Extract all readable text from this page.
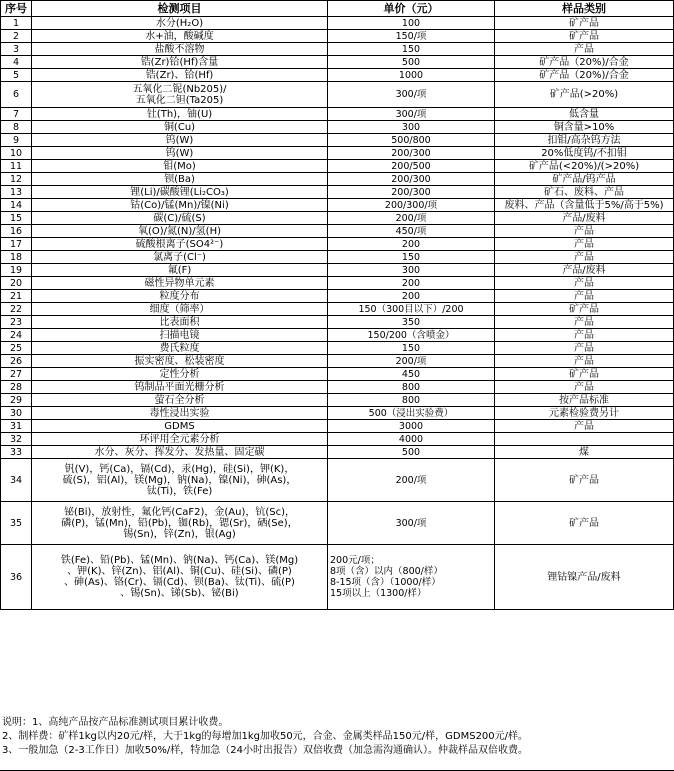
序号	检测项目	单价（元）	样品类别
1	水分(H₂O)	100	矿产品
2	水+油，酸碱度	150/项	矿产品
3	盐酸不溶物	150	产品
4	锆(Zr)铪(Hf)含量	500	矿产品（20%)/合金
5	锆(Zr)、铪(Hf)	1000	矿产品（20%)/合金
6	五氧化二铌(Nb205)/
五氧化二钽(Ta205)	300/项	矿产品(>20%)
7	钍(Th)，铀(U)	300/项	低含量
8	铜(Cu)	300	铜含量>10%
9	钨(W)	500/800	扣钼/高杂钨方法
10	钨(W)	200/300	20%低度钨/不扣钼
11	钼(Mo)	200/500	矿产品(<20%)/(>20%)
12	钡(Ba)	200/300	矿产品/钨产品
13	锂(Li)/碳酸锂(Li₂CO₃)	200/300	矿石、废料、产品
14	钴(Co)/锰(Mn)/镍(Ni)	200/300/项	废料、产品（含量低于5%/高于5%)
15	碳(C)/硫(S)	200/项	产品/废料
16	氧(O)/氮(N)/氢(H)	450/项	产品
17	硫酸根离子(SO4²⁻)	200	产品
18	氯离子(Cl⁻)	150	产品
19	氟(F)	300	产品/废料
20	磁性异物单元素	200	产品
21	粒度分布	200	产品
22	细度（筛率）	150（300目以下）/200	矿产品
23	比表面积	350	产品
24	扫描电镜	150/200（含喷金）	产品
25	费氏粒度	150	产品
26	振实密度、松装密度	200/项	产品
27	定性分析	450	矿产品
28	钨制品平面光栅分析	800	产品
29	萤石全分析	800	按产品标准
30	毒性浸出实验	500（浸出实验费）	元素检验费另计
31	GDMS	3000	产品
32	环评用全元素分析	4000	
33	水分、灰分、挥发分、发热量、固定碳	500	煤
34	钒(V)，钙(Ca)，镉(Cd)，汞(Hg)，硅(Si)，钾(K)，
硫(S)，铝(Al)，镁(Mg)，钠(Na)，镍(Ni)，砷(As)，
钛(Ti)，铁(Fe)	200/项	矿产品
35	铋(Bi)，放射性，氟化钙(CaF2)，金(Au)，钪(Sc)，
磷(P)，锰(Mn)，铅(Pb)，铷(Rb)，锶(Sr)，硒(Se)，
锡(Sn)，锌(Zn)，银(Ag)	300/项	矿产品
36	铁(Fe)、铅(Pb)、锰(Mn)、钠(Na)、钙(Ca)、镁(Mg)
、钾(K)、锌(Zn)、铝(Al)、铜(Cu)、硅(Si)、磷(P)
、砷(As)、铬(Cr)、镉(Cd)、钡(Ba)、钛(Ti)、硫(P)
、锡(Sn)、锑(Sb)、铋(Bi)	200元/项；
8项（含）以内（800/样）
8-15项（含）（1000/样）
15项以上（1300/样）	锂钴镍产品/废料
说明：1、高纯产品按产品标准测试项目累计收费。
2、制样费：矿样1kg以内20元/样，大于1kg的每增加1kg加收50元，合金、金属类样品150元/样，GDMS200元/样。
3、一般加急（2-3工作日）加收50%/样，特加急（24小时出报告）双倍收费（加急需沟通确认）。仲裁样品双倍收费。
